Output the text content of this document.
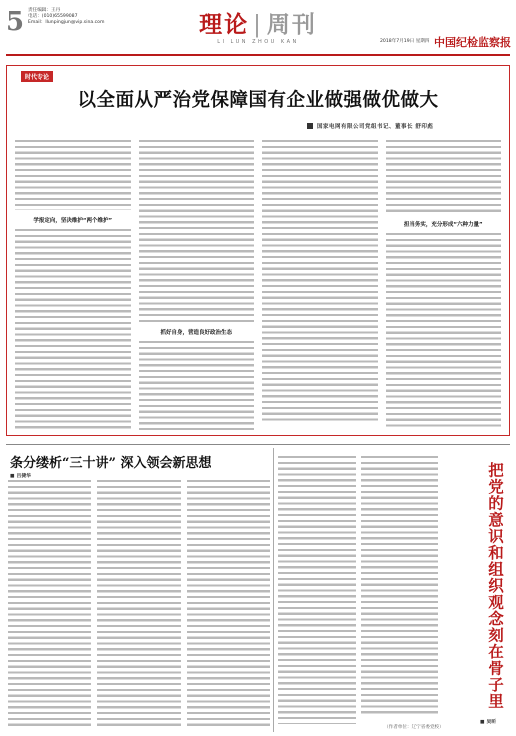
5 责任编辑：王丹
电话：(010)65599087
Email：llunpingjun@vip.sina.com	理论 | 周刊
LI LUN ZHOU KAN	2018年7月19日 星期四 中国纪检监察报
时代专论
以全面从严治党保障国有企业做强做优做大
国家电网有限公司党组书记、董事长 舒印彪
学报定向，坚决维护“两个维护”
抓好自身，营造良好政治生态
担当务实，充分形成“六种力量”
条分缕析“三十讲” 深入领会新思想
■ 吕捷华	把党的意识和组织观念刻在骨子里
■ 吴昕
（作者单位：辽宁省委党校）
